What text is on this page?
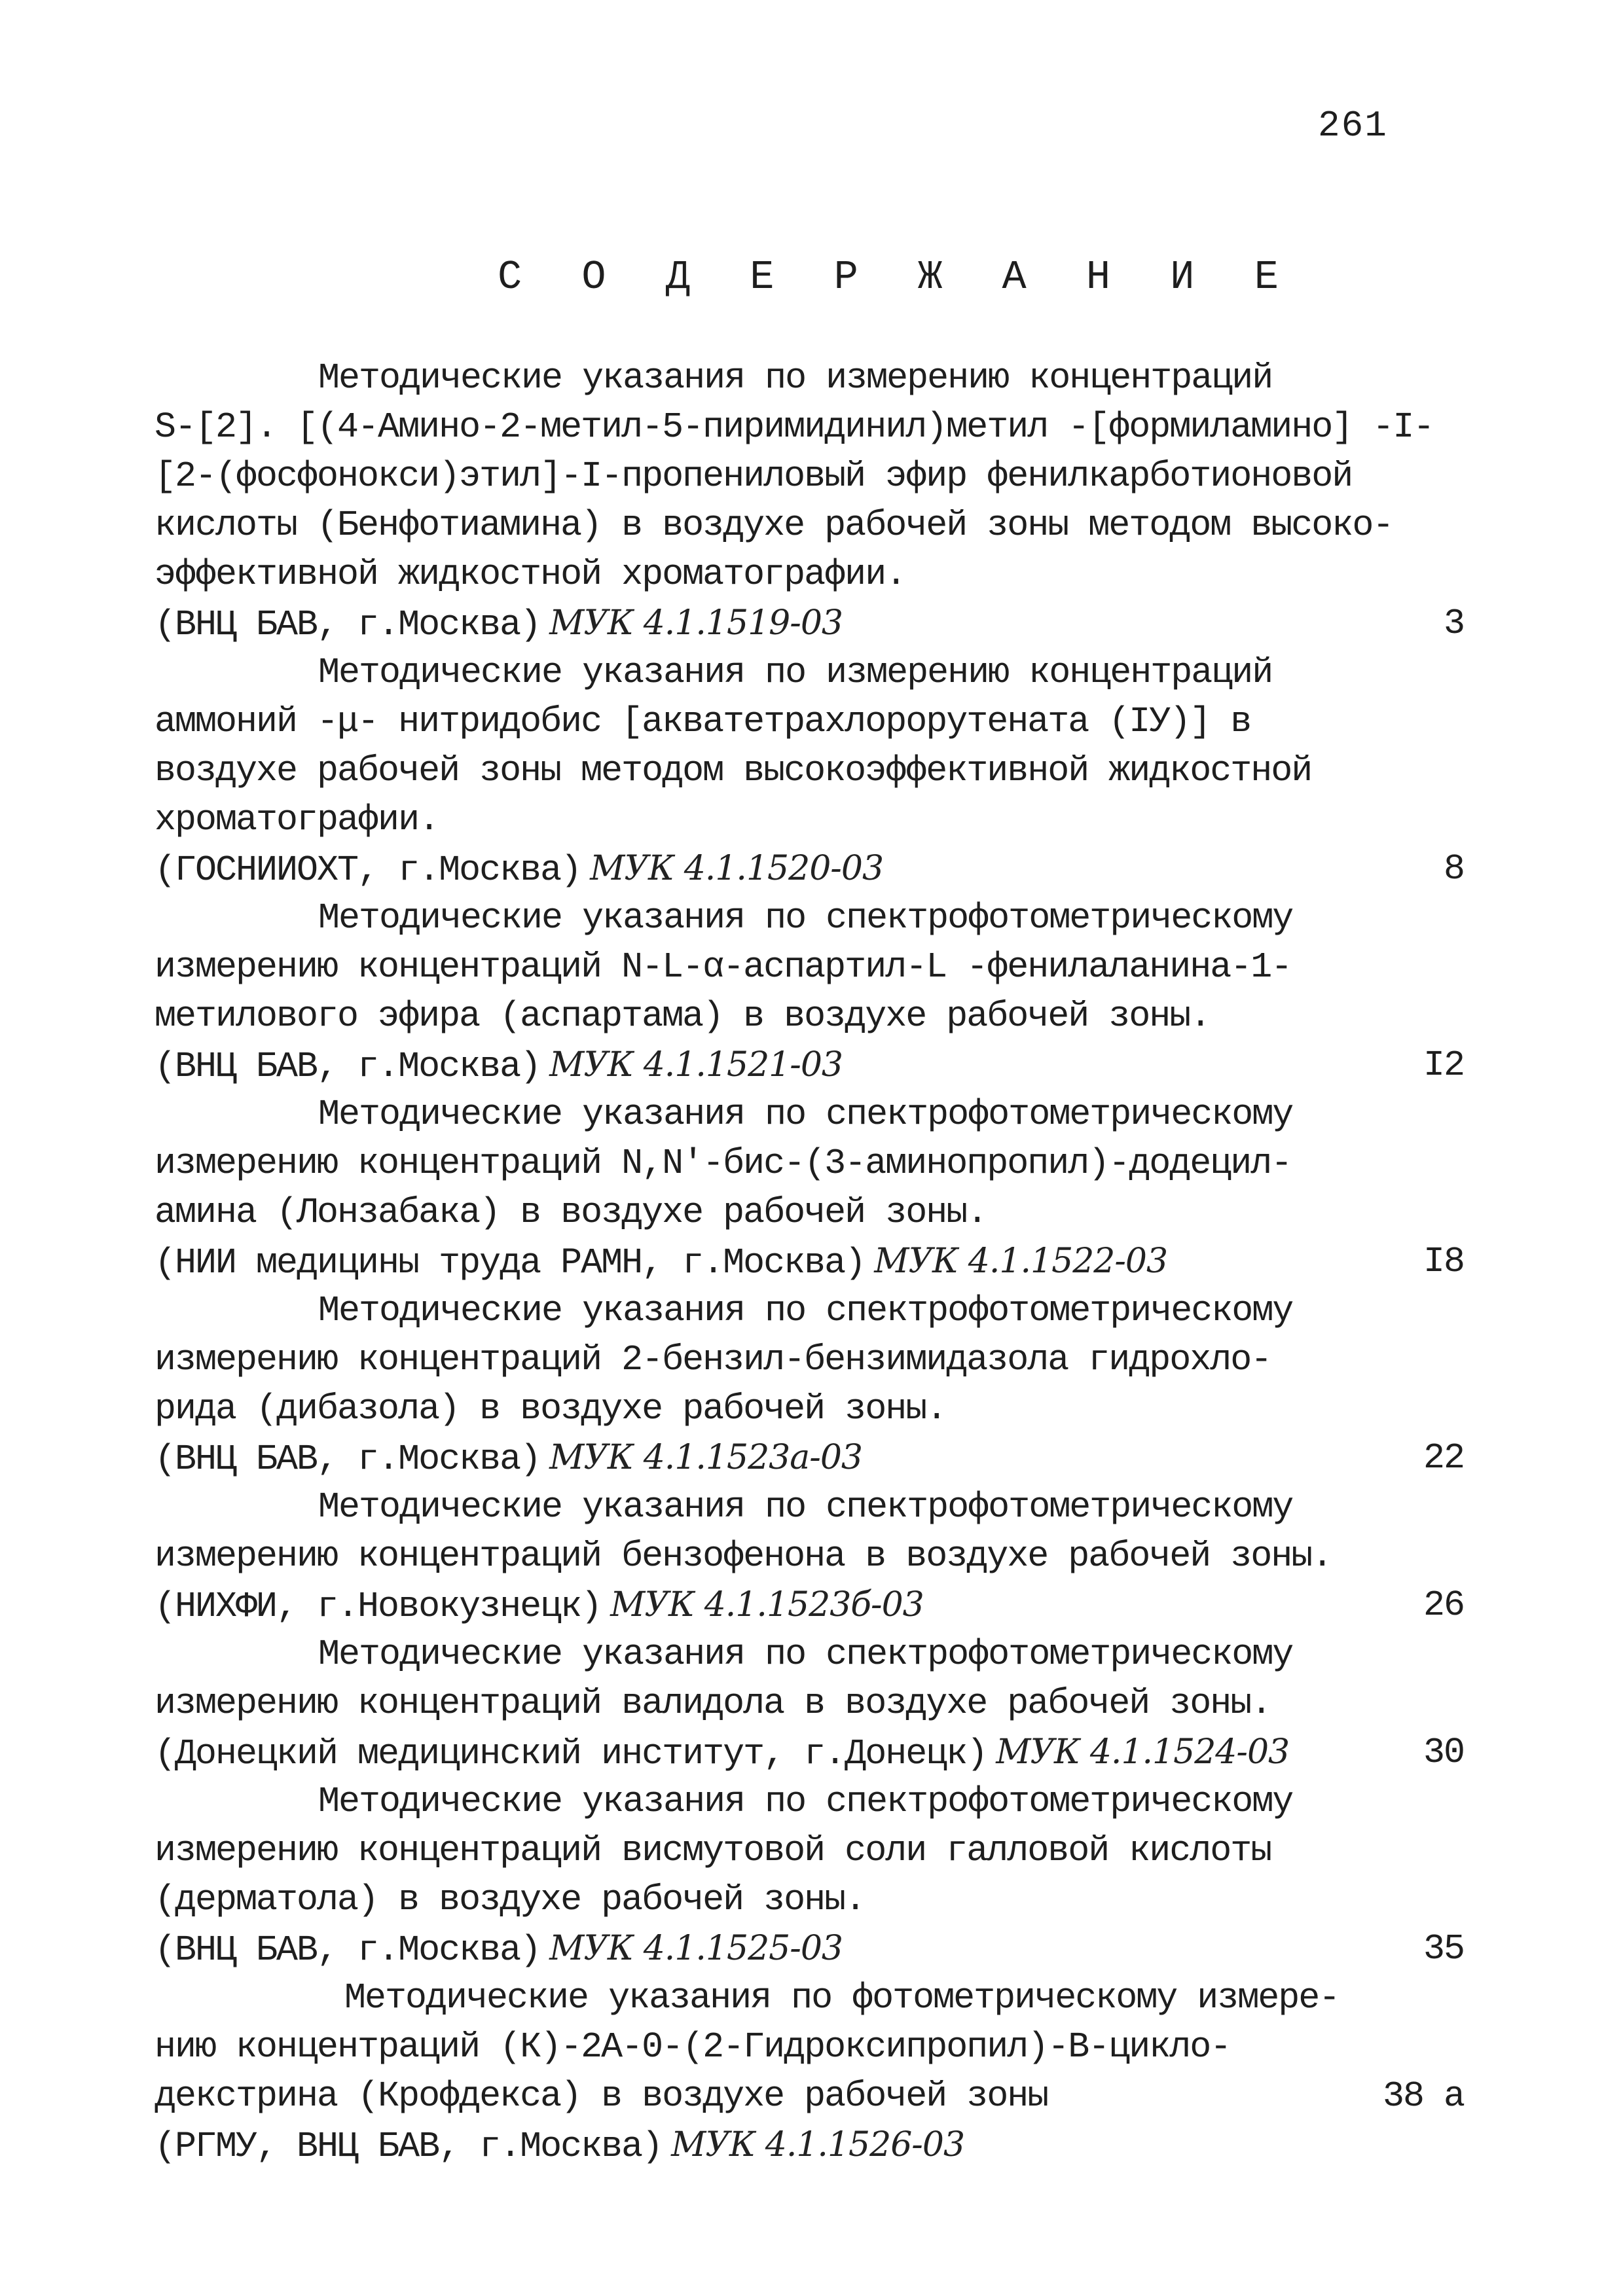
261
С О Д Е Р Ж А Н И Е
Методические указания по измерению концентраций
S-[2]. [(4-Амино-2-метил-5-пиримидинил)метил -[формиламино] -I-
[2-(фосфонокси)этил]-I-пропениловый эфир фенилкарботионовой
кислоты (Бенфотиамина) в воздухе рабочей зоны методом высоко-
эффективной жидкостной хроматографии.
(ВНЦ БАВ, г.Москва) МУК 4.1.1519-03	3
Методические указания по измерению концентраций
аммоний -μ- нитридобис [акватетрахлорорутената (IУ)] в
воздухе рабочей зоны методом высокоэффективной жидкостной
хроматографии.
(ГОСНИИОХТ, г.Москва) МУК 4.1.1520-03	8
Методические указания по спектрофотометрическому
измерению концентраций N-L-α-аспартил-L -фенилаланина-1-
метилового эфира (аспартама) в воздухе рабочей зоны.
(ВНЦ БАВ, г.Москва) МУК 4.1.1521-03	I2
Методические указания по спектрофотометрическому
измерению концентраций N,N'-бис-(3-аминопропил)-додецил-
амина (Лонзабака) в воздухе рабочей зоны.
(НИИ медицины труда РАМН, г.Москва) МУК 4.1.1522-03	I8
Методические указания по спектрофотометрическому
измерению концентраций 2-бензил-бензимидазола гидрохло-
рида (дибазола) в воздухе рабочей зоны.
(ВНЦ БАВ, г.Москва) МУК 4.1.1523а-03	22
Методические указания по спектрофотометрическому
измерению концентраций бензофенона в воздухе рабочей зоны.
(НИХФИ, г.Новокузнецк) МУК 4.1.1523б-03	26
Методические указания по спектрофотометрическому
измерению концентраций валидола в воздухе рабочей зоны.
(Донецкий медицинский институт, г.Донецк) МУК 4.1.1524-03	30
Методические указания по спектрофотометрическому
измерению концентраций висмутовой соли галловой кислоты
(дерматола) в воздухе рабочей зоны.
(ВНЦ БАВ, г.Москва) МУК 4.1.1525-03	35
Методические указания по фотометрическому измере-
нию концентраций (К)-2А-0-(2-Гидроксипропил)-В-цикло-
декстрина (Крофдекса) в воздухе рабочей зоны	38 а
(РГМУ, ВНЦ БАВ, г.Москва) МУК 4.1.1526-03
